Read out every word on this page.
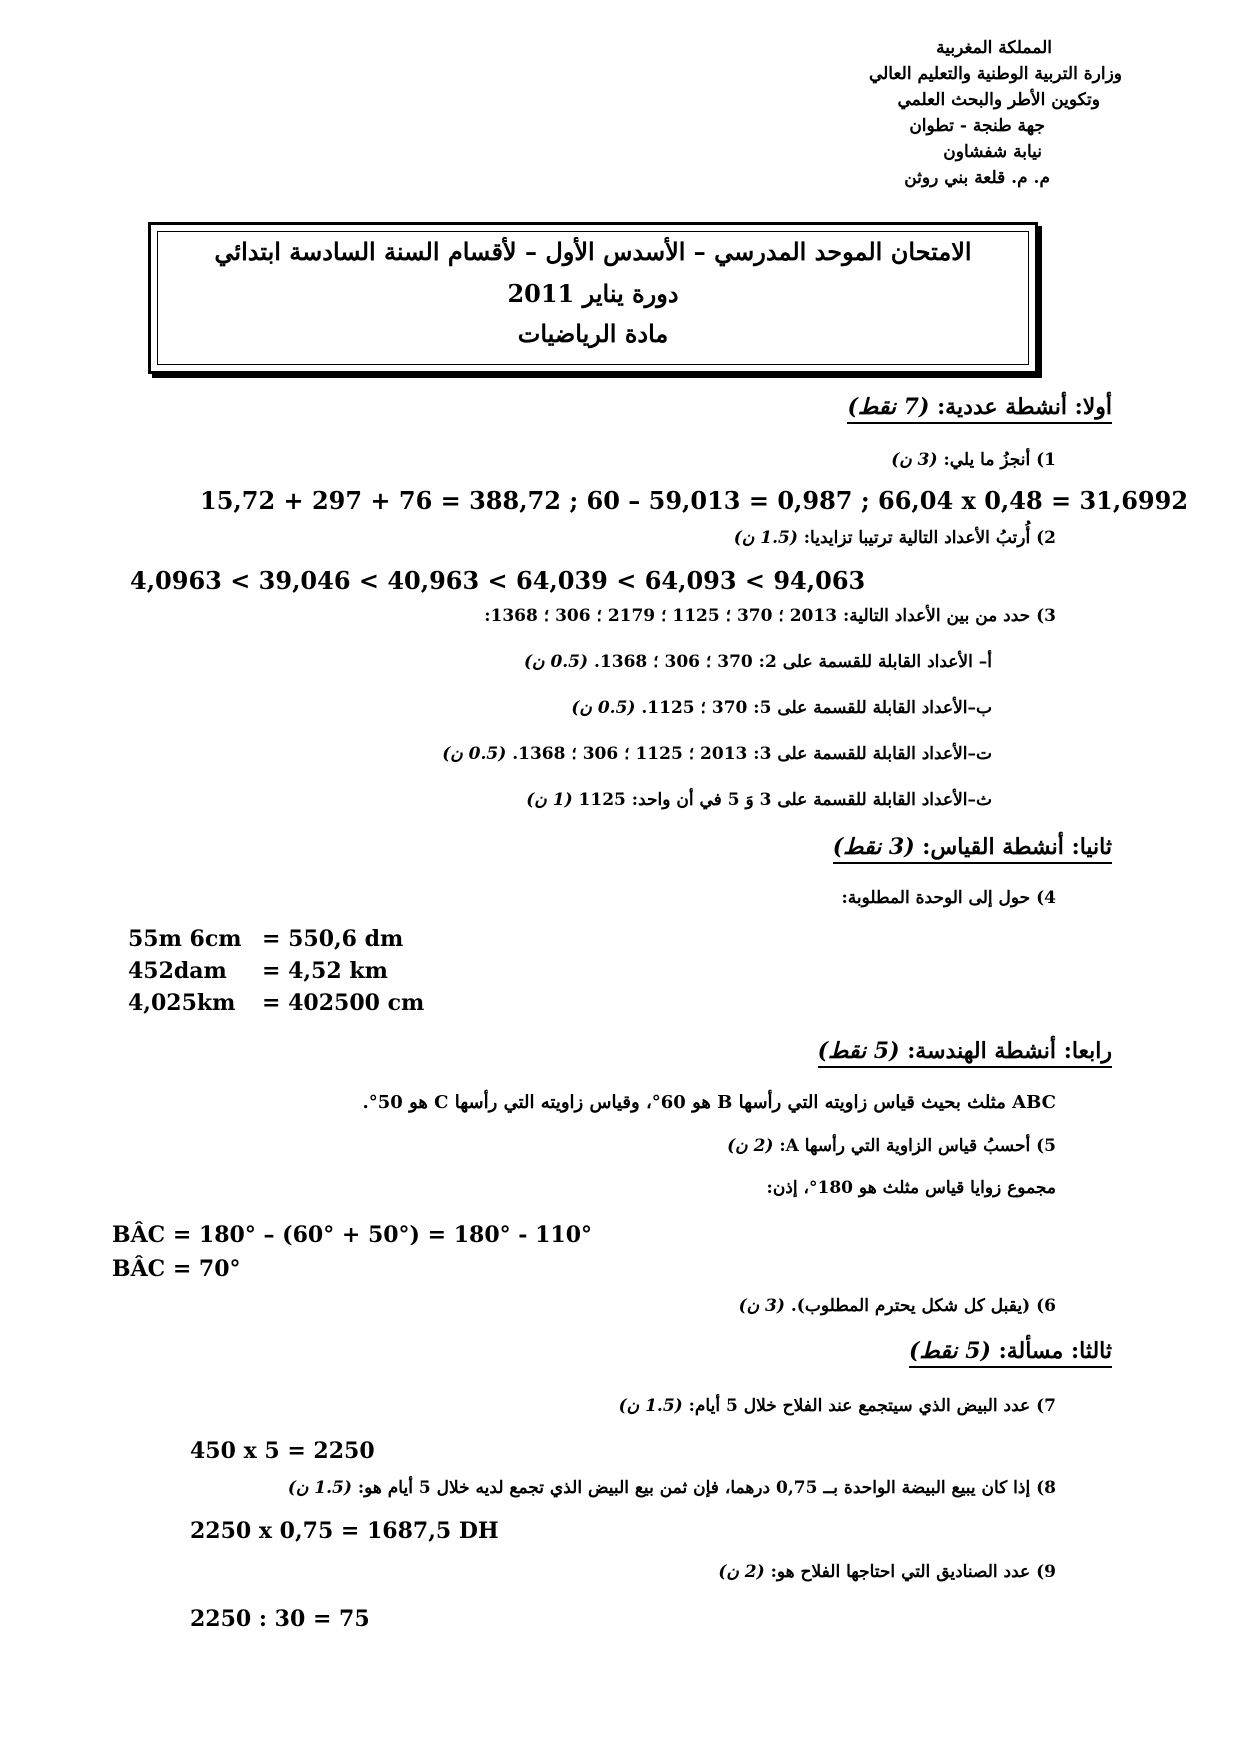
المملكة المغربية
وزارة التربية الوطنية والتعليم العالي
وتكوين الأطر والبحث العلمي
جهة طنجة - تطوان
نيابة شفشاون
م. م. قلعة بني روثن
الامتحان الموحد المدرسي – الأسدس الأول – لأقسام السنة السادسة ابتدائي
دورة يناير 2011
مادة الرياضيات
أولا: أنشطة عددية: (7 نقط)
1) أنجزُ ما يلي: (3 ن)
15,72 + 297 + 76 = 388,72 ; 60 – 59,013 = 0,987 ; 66,04 x 0,48 = 31,6992
2) أُرتبُ الأعداد التالية ترتيبا تزايديا: (1.5 ن)
4,0963 < 39,046 < 40,963 < 64,039 < 64,093 < 94,063
3) حدد من بين الأعداد التالية: 2013 ؛ 370 ؛ 1125 ؛ 2179 ؛ 306 ؛ 1368:
أ– الأعداد القابلة للقسمة على 2: 370 ؛ 306 ؛ 1368. (0.5 ن)
ب–الأعداد القابلة للقسمة على 5: 370 ؛ 1125. (0.5 ن)
ت–الأعداد القابلة للقسمة على 3: 2013 ؛ 1125 ؛ 306 ؛ 1368. (0.5 ن)
ث–الأعداد القابلة للقسمة على 3 وَ 5 في أن واحد: 1125 (1 ن)
ثانيا: أنشطة القياس: (3 نقط)
4) حول إلى الوحدة المطلوبة:
55m 6cm = 550,6 dm
452dam = 4,52 km
4,025km = 402500 cm
رابعا: أنشطة الهندسة: (5 نقط)
ABC مثلث بحيث قياس زاويته التي رأسها B هو 60°، وقياس زاويته التي رأسها C هو 50°.
5) أحسبُ قياس الزاوية التي رأسها A: (2 ن)
مجموع زوايا قياس مثلث هو 180°، إذن:
BÂC = 180° – (60° + 50°) = 180° - 110°
BÂC = 70°
6) (يقبل كل شكل يحترم المطلوب). (3 ن)
ثالثا: مسألة: (5 نقط)
7) عدد البيض الذي سيتجمع عند الفلاح خلال 5 أيام: (1.5 ن)
450 x 5 = 2250
8) إذا كان يبيع البيضة الواحدة بــ 0,75 درهما، فإن ثمن بيع البيض الذي تجمع لديه خلال 5 أيام هو: (1.5 ن)
2250 x 0,75 = 1687,5 DH
9) عدد الصناديق التي احتاجها الفلاح هو: (2 ن)
2250 : 30 = 75
